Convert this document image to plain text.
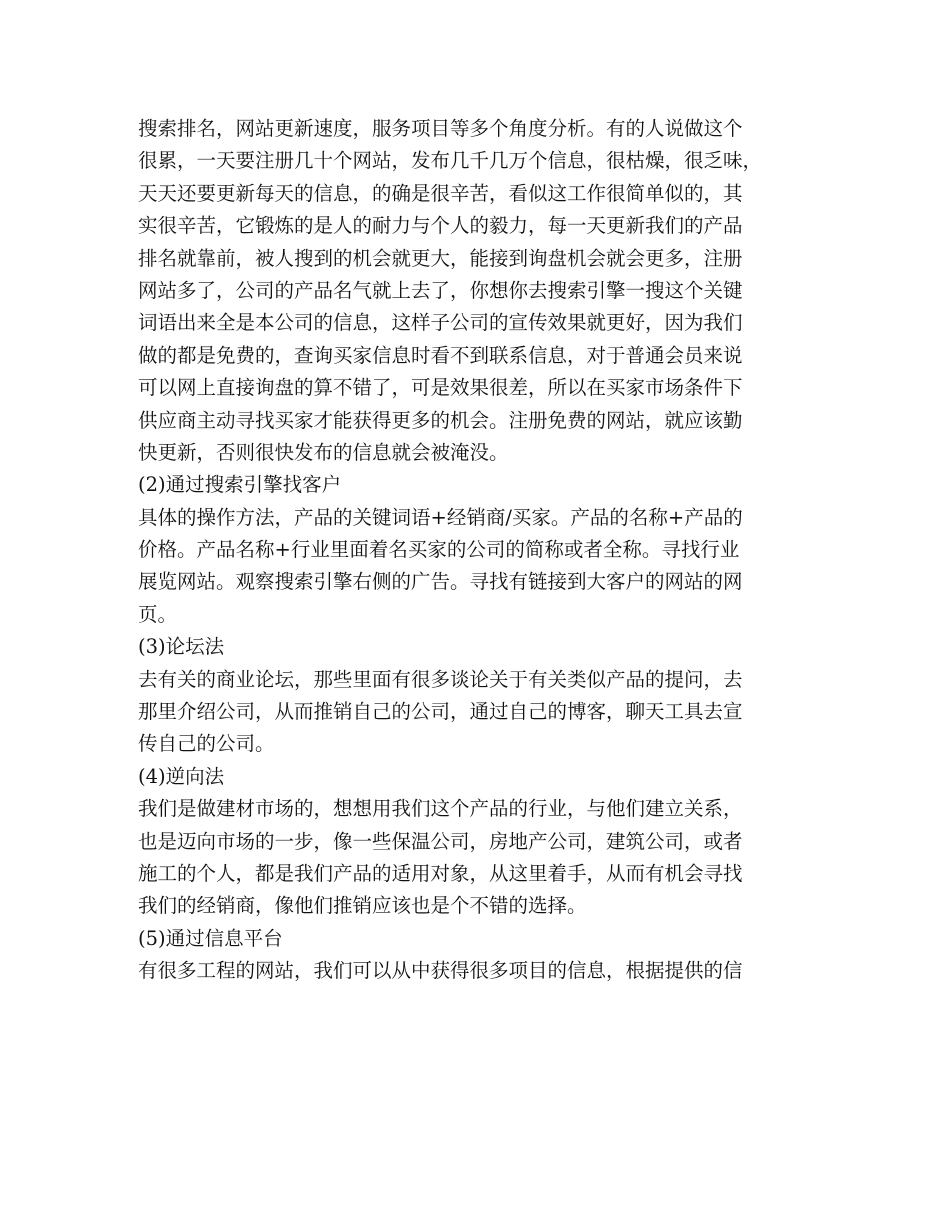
搜索排名，网站更新速度，服务项目等多个角度分析。有的人说做这个
很累，一天要注册几十个网站，发布几千几万个信息，很枯燥，很乏味，
天天还要更新每天的信息，的确是很辛苦，看似这工作很简单似的，其
实很辛苦，它锻炼的是人的耐力与个人的毅力，每一天更新我们的产品
排名就靠前，被人搜到的机会就更大，能接到询盘机会就会更多，注册
网站多了，公司的产品名气就上去了，你想你去搜索引擎一搜这个关键
词语出来全是本公司的信息，这样子公司的宣传效果就更好，因为我们
做的都是免费的，查询买家信息时看不到联系信息，对于普通会员来说
可以网上直接询盘的算不错了，可是效果很差，所以在买家市场条件下
供应商主动寻找买家才能获得更多的机会。注册免费的网站，就应该勤
快更新，否则很快发布的信息就会被淹没。
(2)通过搜索引擎找客户
具体的操作方法，产品的关键词语+经销商/买家。产品的名称+产品的
价格。产品名称+行业里面着名买家的公司的简称或者全称。寻找行业
展览网站。观察搜索引擎右侧的广告。寻找有链接到大客户的网站的网
页。
(3)论坛法
去有关的商业论坛，那些里面有很多谈论关于有关类似产品的提问，去
那里介绍公司，从而推销自己的公司，通过自己的博客，聊天工具去宣
传自己的公司。
(4)逆向法
我们是做建材市场的，想想用我们这个产品的行业，与他们建立关系，
也是迈向市场的一步，像一些保温公司，房地产公司，建筑公司，或者
施工的个人，都是我们产品的适用对象，从这里着手，从而有机会寻找
我们的经销商，像他们推销应该也是个不错的选择。
(5)通过信息平台
有很多工程的网站，我们可以从中获得很多项目的信息，根据提供的信
